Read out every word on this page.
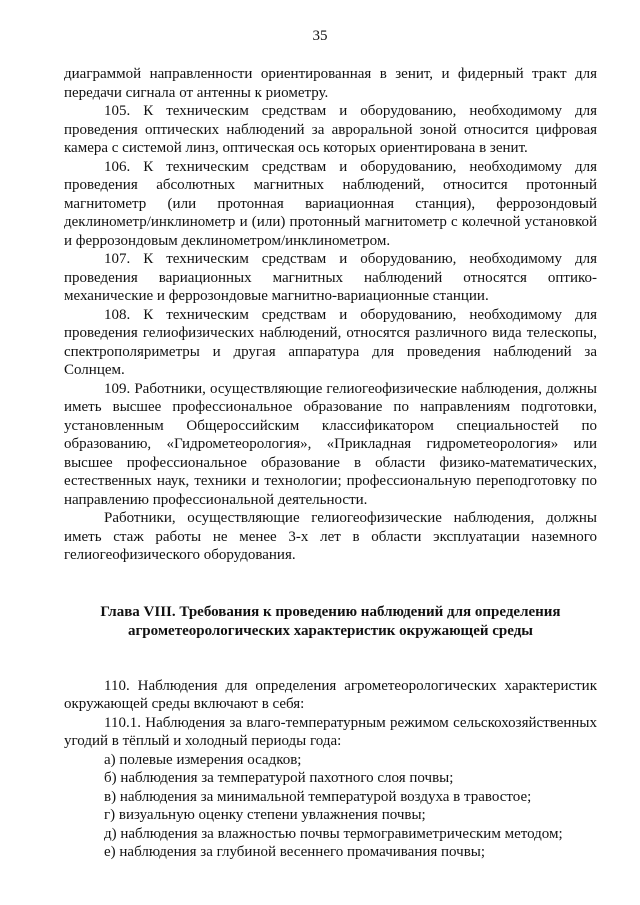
35

диаграммой направленности ориентированная в зенит, и фидерный тракт для передачи сигнала от антенны к риометру.

105. К техническим средствам и оборудованию, необходимому для проведения оптических наблюдений за авроральной зоной относится цифровая камера с системой линз, оптическая ось которых ориентирована в зенит.

106. К техническим средствам и оборудованию, необходимому для проведения абсолютных магнитных наблюдений, относится протонный магнитометр (или протонная вариационная станция), феррозондовый деклинометр/инклинометр и (или) протонный магнитометр с колечной установкой и феррозондовым деклинометром/инклинометром.

107. К техническим средствам и оборудованию, необходимому для проведения вариационных магнитных наблюдений относятся оптико-механические и феррозондовые магнитно-вариационные станции.

108. К техническим средствам и оборудованию, необходимому для проведения гелиофизических наблюдений, относятся различного вида телескопы, спектрополяриметры и другая аппаратура для проведения наблюдений за Солнцем.

109. Работники, осуществляющие гелиогеофизические наблюдения, должны иметь высшее профессиональное образование по направлениям подготовки, установленным Общероссийским классификатором специальностей по образованию, «Гидрометеорология», «Прикладная гидрометеорология» или высшее профессиональное образование в области физико-математических, естественных наук, техники и технологии; профессиональную переподготовку по направлению профессиональной деятельности.

Работники, осуществляющие гелиогеофизические наблюдения, должны иметь стаж работы не менее 3-х лет в области эксплуатации наземного гелиогеофизического оборудования.

Глава VIII. Требования к проведению наблюдений для определения агрометеорологических характеристик окружающей среды

110. Наблюдения для определения агрометеорологических характеристик окружающей среды включают в себя:

110.1. Наблюдения за влаго-температурным режимом сельскохозяйственных угодий в тёплый и холодный периоды года:

а) полевые измерения осадков;

б) наблюдения за температурой пахотного слоя почвы;

в) наблюдения за минимальной температурой воздуха в травостое;

г) визуальную оценку степени увлажнения почвы;

д) наблюдения за влажностью почвы термогравиметрическим методом;

е) наблюдения за глубиной весеннего промачивания почвы;
